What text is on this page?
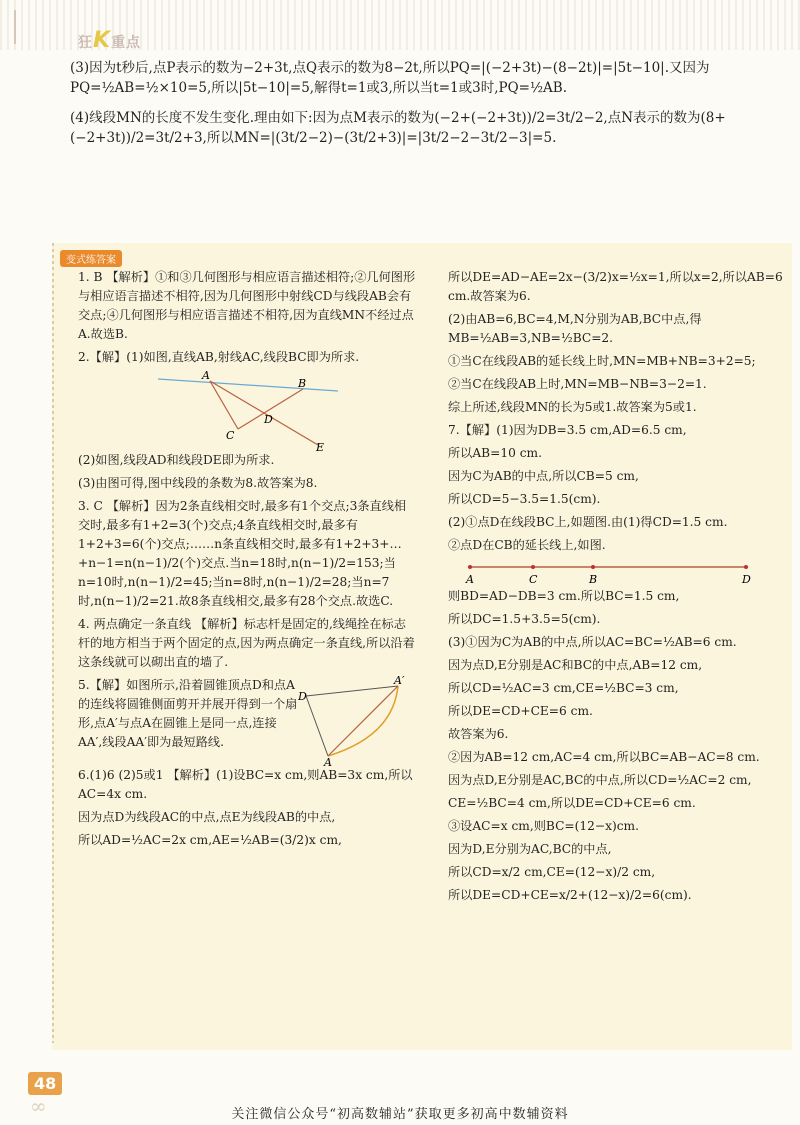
狂K重点

(3)因为t秒后,点P表示的数为−2+3t,点Q表示的数为8−2t,所以PQ=|(−2+3t)−(8−2t)|=|5t−10|.又因为PQ=½AB=½×10=5,所以|5t−10|=5,解得t=1或3,所以当t=1或3时,PQ=½AB.

(4)线段MN的长度不发生变化.理由如下:因为点M表示的数为(−2+(−2+3t))/2=3t/2−2,点N表示的数为(8+(−2+3t))/2=3t/2+3,所以MN=|(3t/2−2)−(3t/2+3)|=|3t/2−2−3t/2−3|=5.

变式练答案

1. B 【解析】①和③几何图形与相应语言描述相符;②几何图形与相应语言描述不相符,因为几何图形中射线CD与线段AB会有交点;④几何图形与相应语言描述不相符,因为直线MN不经过点A.故选B.

2.【解】(1)如图,直线AB,射线AC,线段BC即为所求.

A
B
C
D
E

(2)如图,线段AD和线段DE即为所求.

(3)由图可得,图中线段的条数为8.故答案为8.

3. C 【解析】因为2条直线相交时,最多有1个交点;3条直线相交时,最多有1+2=3(个)交点;4条直线相交时,最多有1+2+3=6(个)交点;……n条直线相交时,最多有1+2+3+…+n−1=n(n−1)/2(个)交点.当n=18时,n(n−1)/2=153;当n=10时,n(n−1)/2=45;当n=8时,n(n−1)/2=28;当n=7时,n(n−1)/2=21.故8条直线相交,最多有28个交点.故选C.

4. 两点确定一条直线 【解析】标志杆是固定的,线绳拴在标志杆的地方相当于两个固定的点,因为两点确定一条直线,所以沿着这条线就可以砌出直的墙了.

5.【解】如图所示,沿着圆锥顶点D和点A的连线将圆锥侧面剪开并展开得到一个扇形,点A′与点A在圆锥上是同一点,连接AA′,线段AA′即为最短路线.

D
A
A′

6.(1)6 (2)5或1 【解析】(1)设BC=x cm,则AB=3x cm,所以AC=4x cm.

因为点D为线段AC的中点,点E为线段AB的中点,

所以AD=½AC=2x cm,AE=½AB=(3/2)x cm,

所以DE=AD−AE=2x−(3/2)x=½x=1,所以x=2,所以AB=6 cm.故答案为6.

(2)由AB=6,BC=4,M,N分别为AB,BC中点,得MB=½AB=3,NB=½BC=2.

①当C在线段AB的延长线上时,MN=MB+NB=3+2=5;

②当C在线段AB上时,MN=MB−NB=3−2=1.

综上所述,线段MN的长为5或1.故答案为5或1.

7.【解】(1)因为DB=3.5 cm,AD=6.5 cm,

所以AB=10 cm.

因为C为AB的中点,所以CB=5 cm,

所以CD=5−3.5=1.5(cm).

(2)①点D在线段BC上,如题图.由(1)得CD=1.5 cm.

②点D在CB的延长线上,如图.

A	C	B	D

则BD=AD−DB=3 cm.所以BC=1.5 cm,

所以DC=1.5+3.5=5(cm).

(3)①因为C为AB的中点,所以AC=BC=½AB=6 cm.

因为点D,E分别是AC和BC的中点,AB=12 cm,

所以CD=½AC=3 cm,CE=½BC=3 cm,

所以DE=CD+CE=6 cm.

故答案为6.

②因为AB=12 cm,AC=4 cm,所以BC=AB−AC=8 cm.

因为点D,E分别是AC,BC的中点,所以CD=½AC=2 cm,

CE=½BC=4 cm,所以DE=CD+CE=6 cm.

③设AC=x cm,则BC=(12−x)cm.

因为D,E分别为AC,BC的中点,

所以CD=x/2 cm,CE=(12−x)/2 cm,

所以DE=CD+CE=x/2+(12−x)/2=6(cm).

48
∞	关注微信公众号“初高数辅站”获取更多初高中数辅资料
